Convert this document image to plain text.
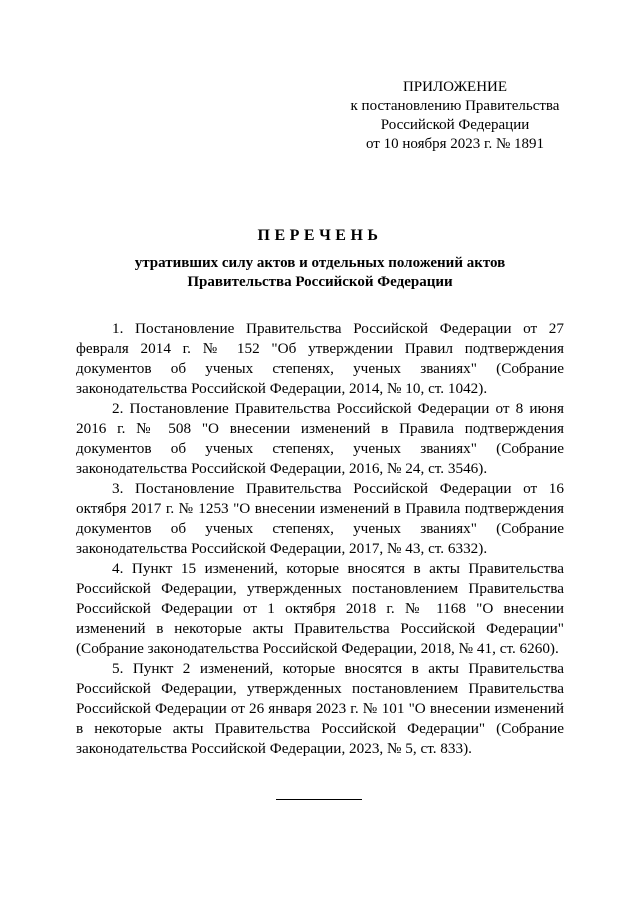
ПРИЛОЖЕНИЕ
к постановлению Правительства
Российской Федерации
от 10 ноября 2023 г. № 1891
ПЕРЕЧЕНЬ
утративших силу актов и отдельных положений актов
Правительства Российской Федерации

1. Постановление Правительства Российской Федерации от 27 февраля 2014 г. № 152 "Об утверждении Правил подтверждения документов об ученых степенях, ученых званиях" (Собрание законодательства Российской Федерации, 2014, № 10, ст. 1042).

2. Постановление Правительства Российской Федерации от 8 июня 2016 г. № 508 "О внесении изменений в Правила подтверждения документов об ученых степенях, ученых званиях" (Собрание законодательства Российской Федерации, 2016, № 24, ст. 3546).

3. Постановление Правительства Российской Федерации от 16 октября 2017 г. № 1253 "О внесении изменений в Правила подтверждения документов об ученых степенях, ученых званиях" (Собрание законодательства Российской Федерации, 2017, № 43, ст. 6332).

4. Пункт 15 изменений, которые вносятся в акты Правительства Российской Федерации, утвержденных постановлением Правительства Российской Федерации от 1 октября 2018 г. № 1168 "О внесении изменений в некоторые акты Правительства Российской Федерации" (Собрание законодательства Российской Федерации, 2018, № 41, ст. 6260).

5. Пункт 2 изменений, которые вносятся в акты Правительства Российской Федерации, утвержденных постановлением Правительства Российской Федерации от 26 января 2023 г. № 101 "О внесении изменений в некоторые акты Правительства Российской Федерации" (Собрание законодательства Российской Федерации, 2023, № 5, ст. 833).
